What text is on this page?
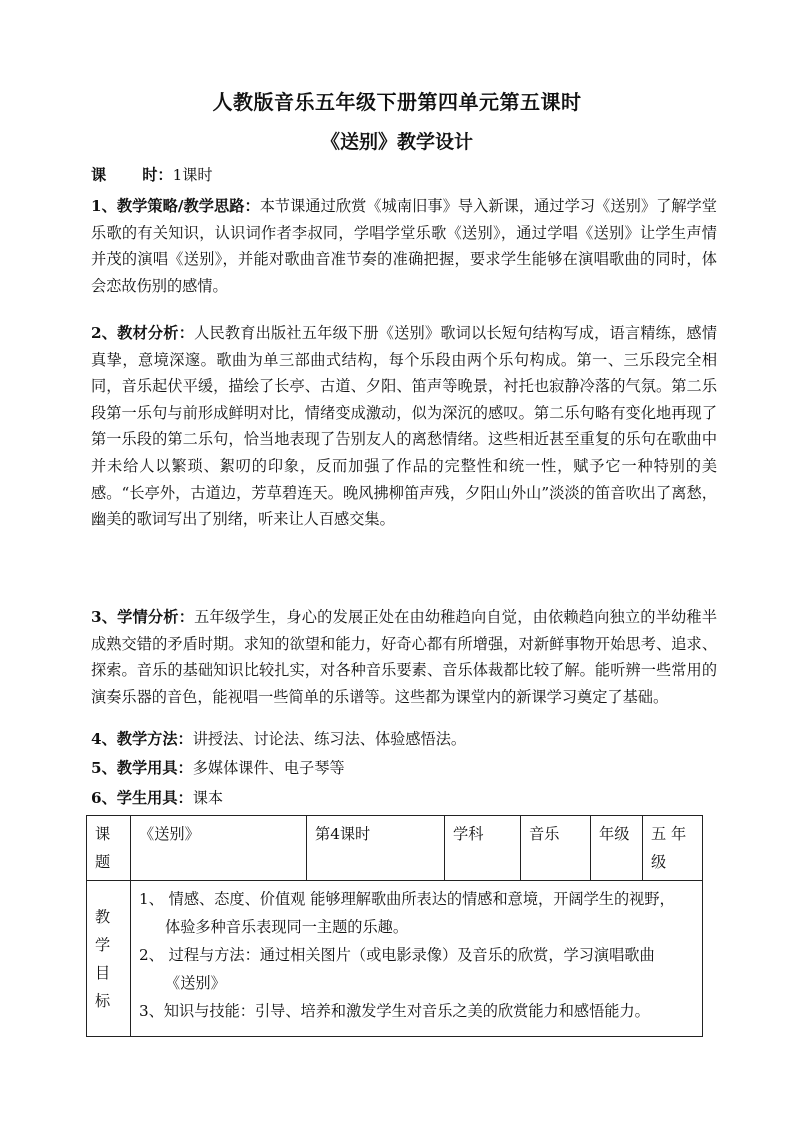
人教版音乐五年级下册第四单元第五课时
《送别》教学设计
课 时：1课时
1、教学策略/教学思路：本节课通过欣赏《城南旧事》导入新课，通过学习《送别》了解学堂乐歌的有关知识，认识词作者李叔同，学唱学堂乐歌《送别》，通过学唱《送别》让学生声情并茂的演唱《送别》，并能对歌曲音准节奏的准确把握，要求学生能够在演唱歌曲的同时，体会恋故伤别的感情。
2、教材分析：人民教育出版社五年级下册《送别》歌词以长短句结构写成，语言精练，感情真挚，意境深邃。歌曲为单三部曲式结构，每个乐段由两个乐句构成。第一、三乐段完全相同，音乐起伏平缓，描绘了长亭、古道、夕阳、笛声等晚景，衬托也寂静冷落的气氛。第二乐段第一乐句与前形成鲜明对比，情绪变成激动，似为深沉的感叹。第二乐句略有变化地再现了第一乐段的第二乐句，恰当地表现了告别友人的离愁情绪。这些相近甚至重复的乐句在歌曲中并未给人以繁琐、絮叨的印象，反而加强了作品的完整性和统一性，赋予它一种特别的美感。“长亭外，古道边，芳草碧连天。晚风拂柳笛声残，夕阳山外山”淡淡的笛音吹出了离愁，幽美的歌词写出了别绪，听来让人百感交集。
3、学情分析：五年级学生，身心的发展正处在由幼稚趋向自觉，由依赖趋向独立的半幼稚半成熟交错的矛盾时期。求知的欲望和能力，好奇心都有所增强，对新鲜事物开始思考、追求、探索。音乐的基础知识比较扎实，对各种音乐要素、音乐体裁都比较了解。能听辨一些常用的演奏乐器的音色，能视唱一些简单的乐谱等。这些都为课堂内的新课学习奠定了基础。
4、教学方法：讲授法、讨论法、练习法、体验感悟法。
5、教学用具：多媒体课件、电子琴等
6、学生用具：课本
课题	《送别》	第4课时	学科	音乐	年级	五 年级
教学目标	1、 情感、态度、价值观 能够理解歌曲所表达的情感和意境，开阔学生的视野，
体验多种音乐表现同一主题的乐趣。
2、 过程与方法：通过相关图片（或电影录像）及音乐的欣赏，学习演唱歌曲
《送别》
3、知识与技能：引导、培养和激发学生对音乐之美的欣赏能力和感悟能力。					
